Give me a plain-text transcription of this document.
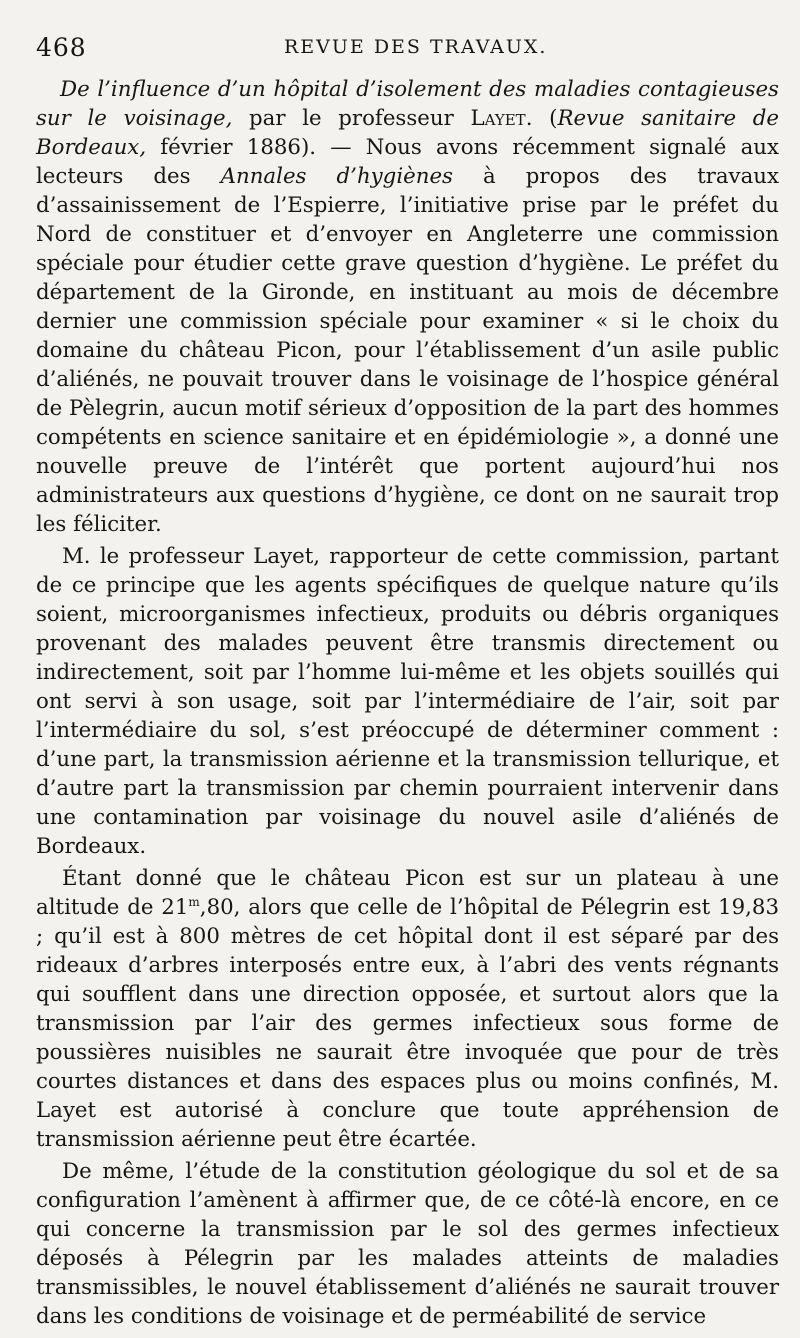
468	REVUE DES TRAVAUX.

De l’influence d’un hôpital d’isolement des maladies contagieuses sur le voisinage, par le professeur Layet. (Revue sanitaire de Bordeaux, février 1886). — Nous avons récemment signalé aux lecteurs des Annales d’hygiènes à propos des travaux d’assainissement de l’Espierre, l’initiative prise par le préfet du Nord de constituer et d’envoyer en Angleterre une commission spéciale pour étudier cette grave question d’hygiène. Le préfet du département de la Gironde, en instituant au mois de décembre dernier une commission spéciale pour examiner « si le choix du domaine du château Picon, pour l’établissement d’un asile public d’aliénés, ne pouvait trouver dans le voisinage de l’hospice général de Pèlegrin, aucun motif sérieux d’opposition de la part des hommes compétents en science sanitaire et en épidémiologie », a donné une nouvelle preuve de l’intérêt que portent aujourd’hui nos administrateurs aux questions d’hygiène, ce dont on ne saurait trop les féliciter.

M. le professeur Layet, rapporteur de cette commission, partant de ce principe que les agents spécifiques de quelque nature qu’ils soient, microorganismes infectieux, produits ou débris organiques provenant des malades peuvent être transmis directement ou indirectement, soit par l’homme lui-même et les objets souillés qui ont servi à son usage, soit par l’intermédiaire de l’air, soit par l’intermédiaire du sol, s’est préoccupé de déterminer comment : d’une part, la transmission aérienne et la transmission tellurique, et d’autre part la transmission par chemin pourraient intervenir dans une contamination par voisinage du nouvel asile d’aliénés de Bordeaux.

Étant donné que le château Picon est sur un plateau à une altitude de 21$^m$,80, alors que celle de l’hôpital de Pélegrin est 19,83 ; qu’il est à 800 mètres de cet hôpital dont il est séparé par des rideaux d’arbres interposés entre eux, à l’abri des vents régnants qui soufflent dans une direction opposée, et surtout alors que la transmission par l’air des germes infectieux sous forme de poussières nuisibles ne saurait être invoquée que pour de très courtes distances et dans des espaces plus ou moins confinés, M. Layet est autorisé à conclure que toute appréhension de transmission aérienne peut être écartée.

De même, l’étude de la constitution géologique du sol et de sa configuration l’amènent à affirmer que, de ce côté-là encore, en ce qui concerne la transmission par le sol des germes infectieux déposés à Pélegrin par les malades atteints de maladies transmissibles, le nouvel établissement d’aliénés ne saurait trouver dans les conditions de voisinage et de perméabilité de service
